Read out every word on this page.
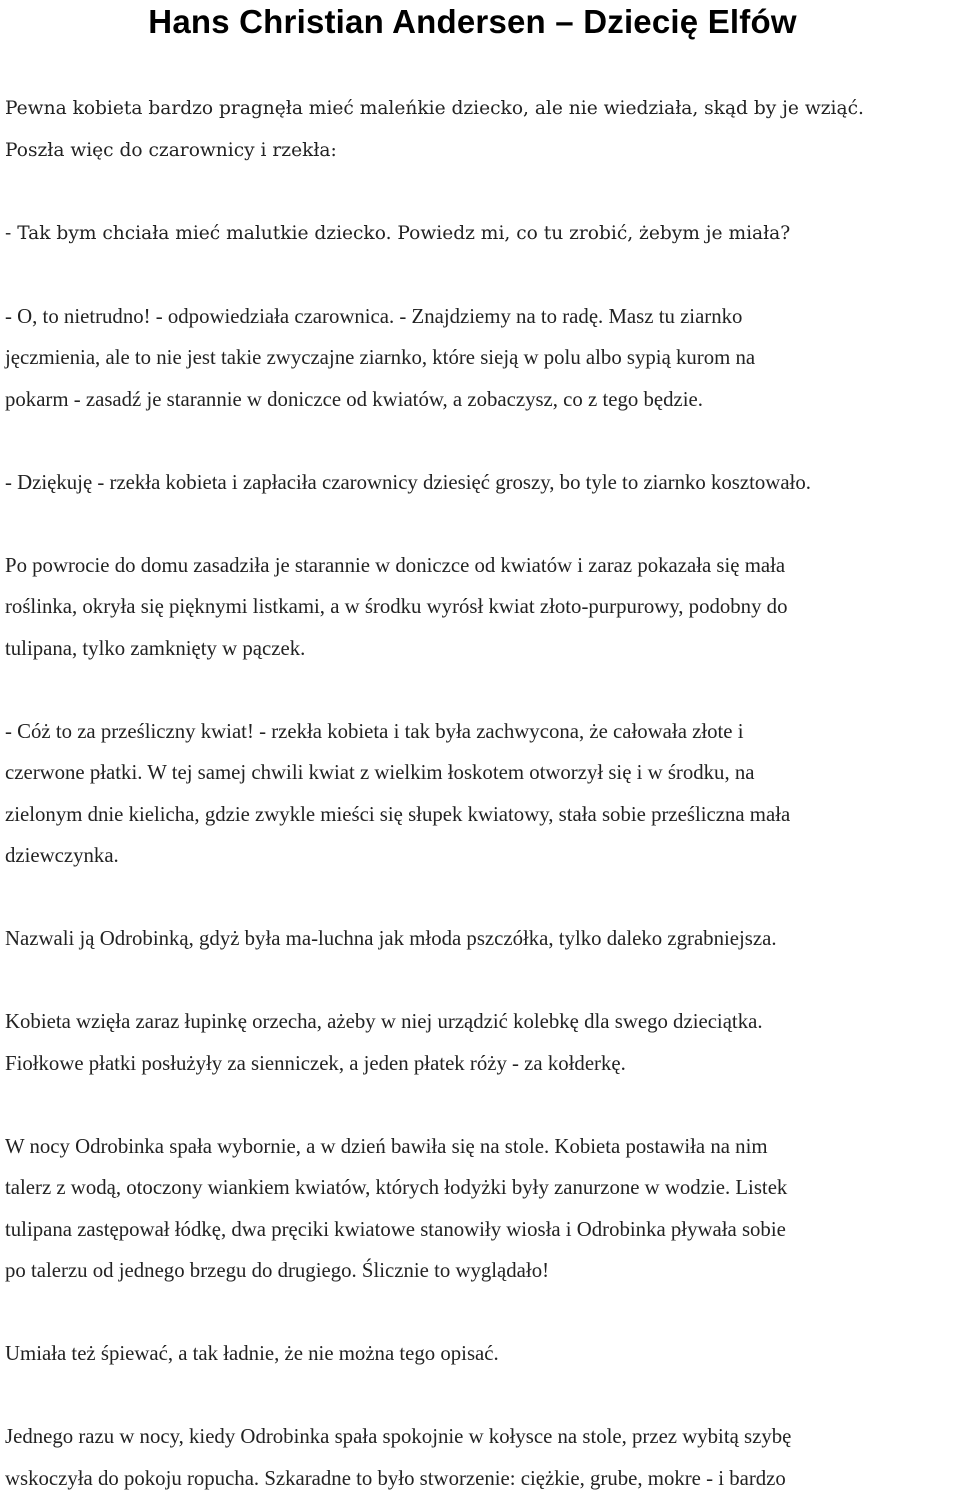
Hans Christian Andersen – Dziecię Elfów
Pewna kobieta bardzo pragnęła mieć maleńkie dziecko, ale nie wiedziała, skąd by je wziąć.
Poszła więc do czarownicy i rzekła:
- Tak bym chciała mieć malutkie dziecko. Powiedz mi, co tu zrobić, żebym je miała?
- O, to nietrudno! - odpowiedziała czarownica. - Znajdziemy na to radę. Masz tu ziarnko
jęczmienia, ale to nie jest takie zwyczajne ziarnko, które sieją w polu albo sypią kurom na
pokarm - zasadź je starannie w doniczce od kwiatów, a zobaczysz, co z tego będzie.
- Dziękuję - rzekła kobieta i zapłaciła czarownicy dziesięć groszy, bo tyle to ziarnko kosztowało.
Po powrocie do domu zasadziła je starannie w doniczce od kwiatów i zaraz pokazała się mała
roślinka, okryła się pięknymi listkami, a w środku wyrósł kwiat złoto-purpurowy, podobny do
tulipana, tylko zamknięty w pączek.
- Cóż to za prześliczny kwiat! - rzekła kobieta i tak była zachwycona, że całowała złote i
czerwone płatki. W tej samej chwili kwiat z wielkim łoskotem otworzył się i w środku, na
zielonym dnie kielicha, gdzie zwykle mieści się słupek kwiatowy, stała sobie prześliczna mała
dziewczynka.
Nazwali ją Odrobinką, gdyż była ma-luchna jak młoda pszczółka, tylko daleko zgrabniejsza.
Kobieta wzięła zaraz łupinkę orzecha, ażeby w niej urządzić kolebkę dla swego dzieciątka.
Fiołkowe płatki posłużyły za sienniczek, a jeden płatek róży - za kołderkę.
W nocy Odrobinka spała wybornie, a w dzień bawiła się na stole. Kobieta postawiła na nim
talerz z wodą, otoczony wiankiem kwiatów, których łodyżki były zanurzone w wodzie. Listek
tulipana zastępował łódkę, dwa pręciki kwiatowe stanowiły wiosła i Odrobinka pływała sobie
po talerzu od jednego brzegu do drugiego. Ślicznie to wyglądało!
Umiała też śpiewać, a tak ładnie, że nie można tego opisać.
Jednego razu w nocy, kiedy Odrobinka spała spokojnie w kołysce na stole, przez wybitą szybę
wskoczyła do pokoju ropucha. Szkaradne to było stworzenie: ciężkie, grube, mokre - i bardzo
